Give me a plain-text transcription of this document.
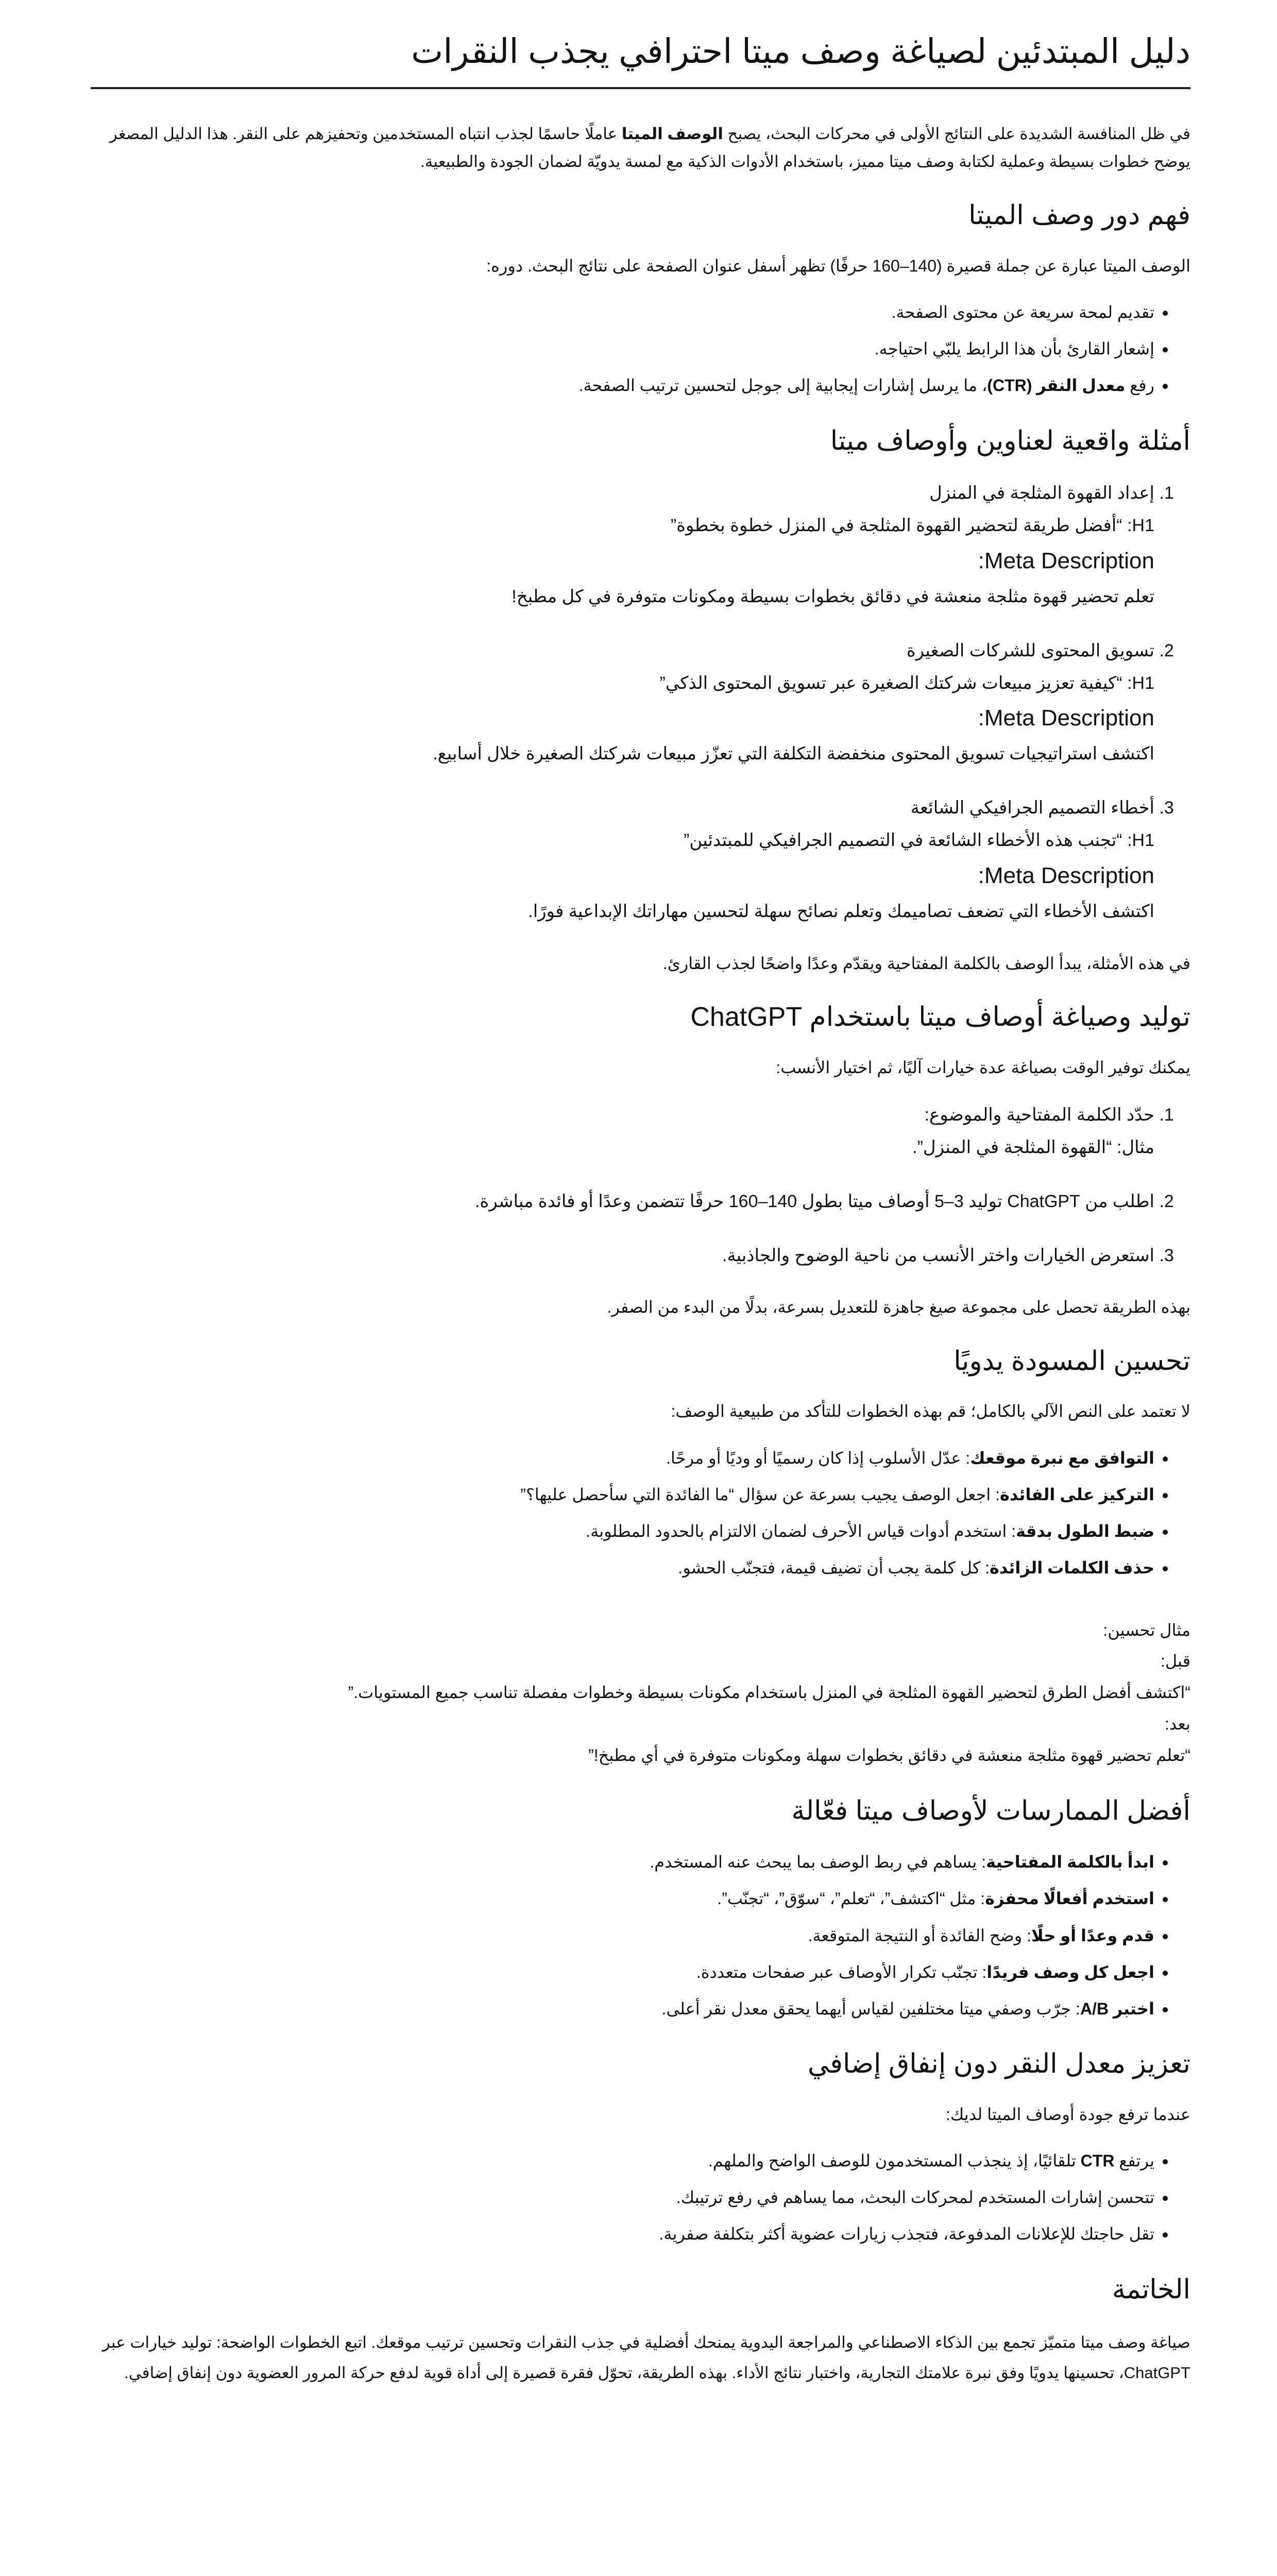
دليل المبتدئين لصياغة وصف ميتا احترافي يجذب النقرات

في ظل المنافسة الشديدة على النتائج الأولى في محركات البحث، يصبح الوصف الميتا عاملًا حاسمًا لجذب انتباه المستخدمين وتحفيزهم على النقر. هذا الدليل المصغر يوضح خطوات بسيطة وعملية لكتابة وصف ميتا مميز، باستخدام الأدوات الذكية مع لمسة يدويّة لضمان الجودة والطبيعية.

فهم دور وصف الميتا

الوصف الميتا عبارة عن جملة قصيرة (140–160 حرفًا) تظهر أسفل عنوان الصفحة على نتائج البحث. دوره:

• تقديم لمحة سريعة عن محتوى الصفحة.
• إشعار القارئ بأن هذا الرابط يلبّي احتياجه.
• رفع معدل النقر (CTR)، ما يرسل إشارات إيجابية إلى جوجل لتحسين ترتيب الصفحة.
أمثلة واقعية لعناوين وأوصاف ميتا
1. إعداد القهوة المثلجة في المنزل
H1: “أفضل طريقة لتحضير القهوة المثلجة في المنزل خطوة بخطوة”
Meta Description:
تعلم تحضير قهوة مثلجة منعشة في دقائق بخطوات بسيطة ومكونات متوفرة في كل مطبخ!
2. تسويق المحتوى للشركات الصغيرة
H1: “كيفية تعزيز مبيعات شركتك الصغيرة عبر تسويق المحتوى الذكي”
Meta Description:
اكتشف استراتيجيات تسويق المحتوى منخفضة التكلفة التي تعزّز مبيعات شركتك الصغيرة خلال أسابيع.
3. أخطاء التصميم الجرافيكي الشائعة
H1: “تجنب هذه الأخطاء الشائعة في التصميم الجرافيكي للمبتدئين”
Meta Description:
اكتشف الأخطاء التي تضعف تصاميمك وتعلم نصائح سهلة لتحسين مهاراتك الإبداعية فورًا.

في هذه الأمثلة، يبدأ الوصف بالكلمة المفتاحية ويقدّم وعدًا واضحًا لجذب القارئ.

توليد وصياغة أوصاف ميتا باستخدام ChatGPT

يمكنك توفير الوقت بصياغة عدة خيارات آليًا، ثم اختيار الأنسب:

1. حدّد الكلمة المفتاحية والموضوع:
مثال: “القهوة المثلجة في المنزل”.
2. اطلب من ChatGPT توليد 3–5 أوصاف ميتا بطول 140–160 حرفًا تتضمن وعدًا أو فائدة مباشرة.
3. استعرض الخيارات واختر الأنسب من ناحية الوضوح والجاذبية.

بهذه الطريقة تحصل على مجموعة صيغ جاهزة للتعديل بسرعة، بدلًا من البدء من الصفر.

تحسين المسودة يدويًا

لا تعتمد على النص الآلي بالكامل؛ قم بهذه الخطوات للتأكد من طبيعية الوصف:

• التوافق مع نبرة موقعك: عدّل الأسلوب إذا كان رسميًا أو وديًا أو مرحًا.
• التركيز على الفائدة: اجعل الوصف يجيب بسرعة عن سؤال “ما الفائدة التي سأحصل عليها؟”
• ضبط الطول بدقة: استخدم أدوات قياس الأحرف لضمان الالتزام بالحدود المطلوبة.
• حذف الكلمات الزائدة: كل كلمة يجب أن تضيف قيمة، فتجنّب الحشو.
مثال تحسين:
قبل:
“اكتشف أفضل الطرق لتحضير القهوة المثلجة في المنزل باستخدام مكونات بسيطة وخطوات مفصلة تناسب جميع المستويات.”
بعد:
“تعلم تحضير قهوة مثلجة منعشة في دقائق بخطوات سهلة ومكونات متوفرة في أي مطبخ!”
أفضل الممارسات لأوصاف ميتا فعّالة
• ابدأ بالكلمة المفتاحية: يساهم في ربط الوصف بما يبحث عنه المستخدم.
• استخدم أفعالًا محفزة: مثل “اكتشف”، “تعلم”، “سوّق”، “تجنّب”.
• قدم وعدًا أو حلًا: وضح الفائدة أو النتيجة المتوقعة.
• اجعل كل وصف فريدًا: تجنّب تكرار الأوصاف عبر صفحات متعددة.
• اختبر A/B: جرّب وصفي ميتا مختلفين لقياس أيهما يحقق معدل نقر أعلى.
تعزيز معدل النقر دون إنفاق إضافي

عندما ترفع جودة أوصاف الميتا لديك:

• يرتفع CTR تلقائيًا، إذ ينجذب المستخدمون للوصف الواضح والملهم.
• تتحسن إشارات المستخدم لمحركات البحث، مما يساهم في رفع ترتيبك.
• تقل حاجتك للإعلانات المدفوعة، فتجذب زيارات عضوية أكثر بتكلفة صفرية.
الخاتمة

صياغة وصف ميتا متميّز تجمع بين الذكاء الاصطناعي والمراجعة اليدوية يمنحك أفضلية في جذب النقرات وتحسين ترتيب موقعك. اتبع الخطوات الواضحة: توليد خيارات عبر ChatGPT، تحسينها يدويًا وفق نبرة علامتك التجارية، واختبار نتائج الأداء. بهذه الطريقة، تحوّل فقرة قصيرة إلى أداة قوية لدفع حركة المرور العضوية دون إنفاق إضافي.
